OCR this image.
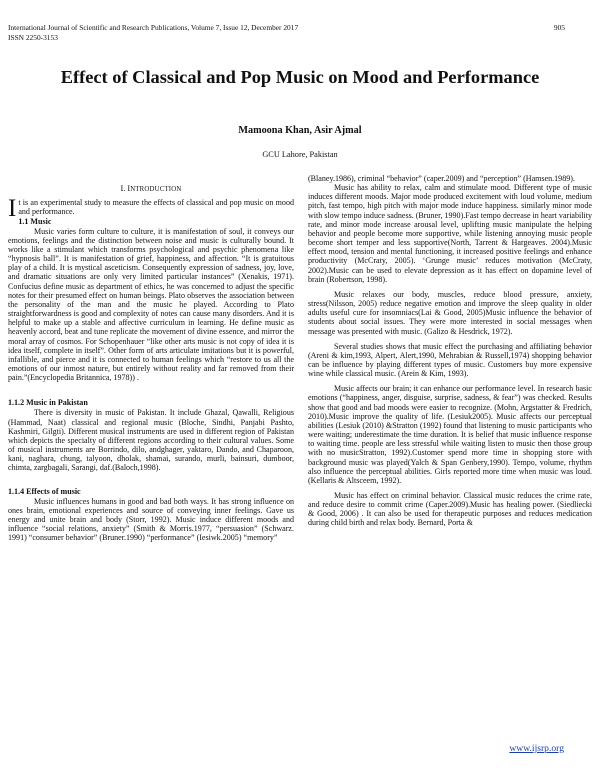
International Journal of Scientific and Research Publications, Volume 7, Issue 12, December 2017
ISSN 2250-3153
905
Effect of Classical and Pop Music on Mood and Performance
Mamoona Khan, Asir Ajmal
GCU Lahore, Pakistan
I. INTRODUCTION

It is an experimental study to measure the effects of classical and pop music on mood and performance.

1.1 Music

Music varies form culture to culture, it is manifestation of soul, it conveys our emotions, feelings and the distinction between noise and music is culturally bound. It works like a stimulant which transforms psychological and psychic phenomena like “hypnosis ball”. It is manifestation of grief, happiness, and affection. “It is gratuitous play of a child. It is mystical asceticism. Consequently expression of sadness, joy, love, and dramatic situations are only very limited particular instances” (Xenakis, 1971). Confucius define music as department of ethics, he was concerned to adjust the specific notes for their presumed effect on human beings. Plato observes the association between the personality of the man and the music he played. According to Plato straightforwardness is good and complexity of notes can cause many disorders. And it is helpful to make up a stable and affective curriculum in learning. He define music as heavenly accord, beat and tune replicate the movement of divine essence, and mirror the moral array of cosmos. For Schopenhauer “like other arts music is not copy of idea it is idea itself, complete in itself”. Other form of arts articulate imitations but it is powerful, infallible, and pierce and it is connected to human feelings which “restore to us all the emotions of our inmost nature, but entirely without reality and far removed from their pain.”(Encyclopedia Britannica, 1978)) .

1.1.2 Music in Pakistan

There is diversity in music of Pakistan. It include Ghazal, Qawalli, Religious (Hammad, Naat) classical and regional music (Bloche, Sindhi, Panjabi Pashto, Kashmiri, Gilgti). Different musical instruments are used in different region of Pakistan which depicts the specialty of different regions according to their cultural values. Some of musical instruments are Borrindo, dilo, andghager, yaktaro, Dando, and Chaparoon, kani, naghara, chung, talyoon, dholak, shamai, surando, murli, bainsuri, dumboor, chimta, zargbagali, Sarangi, daf.(Baloch,1998).

1.1.4 Effects of music

Music influences humans in good and bad both ways. It has strong influence on ones brain, emotional experiences and source of conveying inner feelings. Gave us energy and unite brain and body (Storr, 1992). Music induce different moods and influence “social relations, anxiety” (Smith & Morris.1977, “persuasion” (Schwarz. 1991) “consumer behavior” (Bruner.1990) “performance” (Iesiwk.2005) “memory”

(Blaney.1986), criminal “behavior” (caper.2009) and “perception” (Hamsen.1989).

Music has ability to relax, calm and stimulate mood. Different type of music induces different moods. Major mode produced excitement with loud volume, medium pitch, fast tempo, high pitch with major mode induce happiness. similarly minor mode with slow tempo induce sadness. (Bruner, 1990).Fast tempo decrease in heart variability rate, and minor mode increase arousal level, uplifting music manipulate the helping behavior and people become more supportive, while listening annoying music people become short temper and less supportive(North, Tarrent & Hargeaves. 2004).Music effect mood, tension and mental functioning, it increased positive feelings and enhance productivity (McCraty, 2005). ‘Grunge music’ reduces motivation (McCraty, 2002).Music can be used to elevate depression as it has effect on dopamine level of brain (Robertson, 1998).

Music relaxes our body, muscles, reduce blood pressure, anxiety, stress(Nilsson, 2005) reduce negative emotion and improve the sleep quality in older adults useful cure for insomniacs(Lai & Good, 2005)Music influence the behavior of students about social issues. They were more interested in social messages when message was presented with music. (Galizo & Hesdrick, 1972).

Several studies shows that music effect the purchasing and affiliating behavior (Areni & kim,1993, Alpert, Alert,1990, Mehrabian & Russell,1974) shopping behavior can be influence by playing different types of music. Customers buy more expensive wine while classical music. (Arein & Kim, 1993).

Music affects our brain; it can enhance our performance level. In research basic emotions (“happiness, anger, disguise, surprise, sadness, & fear”) was checked. Results show that good and bad moods were easier to recognize. (Mohn, Argstatter & Fredrich, 2010).Music improve the quality of life. (Lesiuk2005). Music affects our perceptual abilities (Lesiuk (2010) &Stratton (1992) found that listening to music participants who were waiting; underestimate the time duration. It is belief that music influence response to waiting time. people are less stressful while waiting listen to music then those group with no musicStratton, 1992).Customer spend more time in shopping store with background music was played(Yalch & Span Genbery,1990). Tempo, volume, rhythm also influence the perceptual abilities. Girls reported more time when music was loud. (Kellaris & Altsceem, 1992).

Music has effect on criminal behavior. Classical music reduces the crime rate, and reduce desire to commit crime (Caper.2009).Music has healing power. (Siedliecki & Good, 2006) . It can also be used for therapeutic purposes and reduces medication during child birth and relax body. Bernard, Porta &

www.ijsrp.org
